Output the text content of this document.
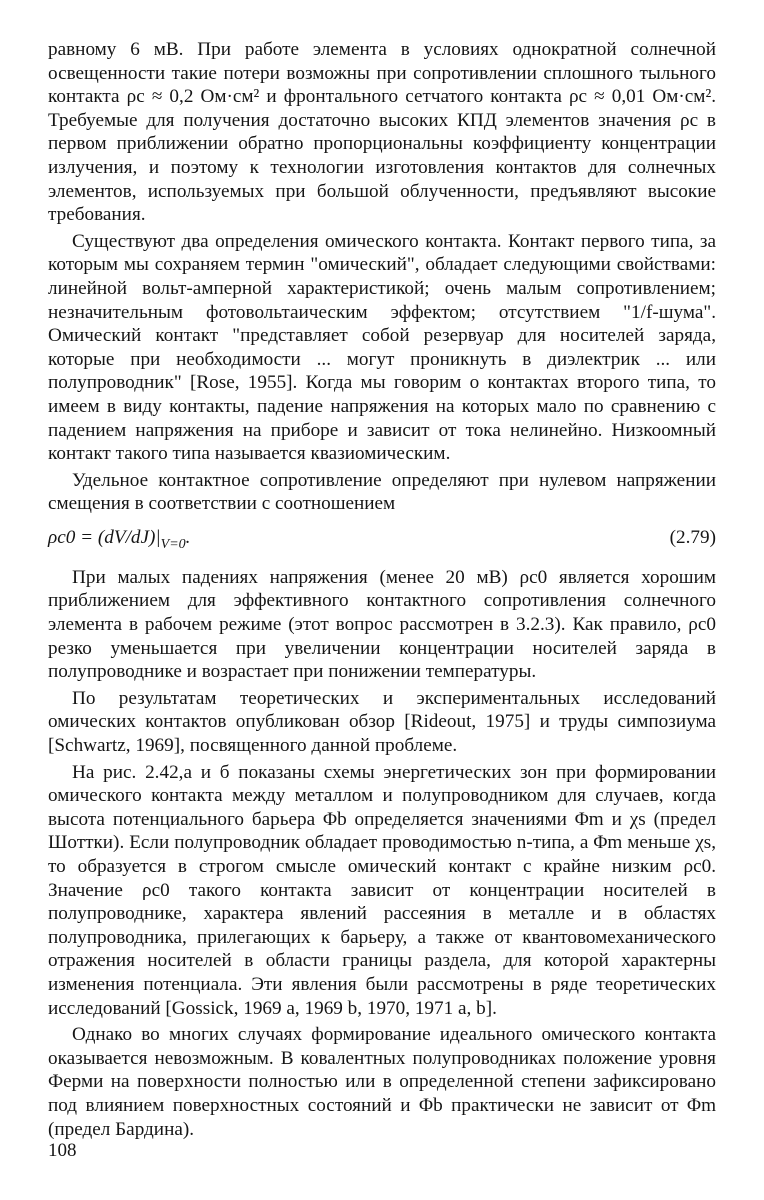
равному 6 мВ. При работе элемента в условиях однократной солнечной освещенности такие потери возможны при сопротивлении сплошного тыльного контакта ρc ≈ 0,2 Ом·см² и фронтального сетчатого контакта ρc ≈ 0,01 Ом·см². Требуемые для получения достаточно высоких КПД элементов значения ρc в первом приближении обратно пропорциональны коэффициенту концентрации излучения, и поэтому к технологии изготовления контактов для солнечных элементов, используемых при большой облученности, предъявляют высокие требования.

Существуют два определения омического контакта. Контакт первого типа, за которым мы сохраняем термин "омический", обладает следующими свойствами: линейной вольт-амперной характеристикой; очень малым сопротивлением; незначительным фотовольтаическим эффектом; отсутствием "1/f-шума". Омический контакт "представляет собой резервуар для носителей заряда, которые при необходимости ... могут проникнуть в диэлектрик ... или полупроводник" [Rose, 1955]. Когда мы говорим о контактах второго типа, то имеем в виду контакты, падение напряжения на которых мало по сравнению с падением напряжения на приборе и зависит от тока нелинейно. Низкоомный контакт такого типа называется квазиомическим.

Удельное контактное сопротивление определяют при нулевом напряжении смещения в соответствии с соотношением

$\rho c0 = (dV/dJ)|_{V=0}$.	(2.79)

При малых падениях напряжения (менее 20 мВ) ρc0 является хорошим приближением для эффективного контактного сопротивления солнечного элемента в рабочем режиме (этот вопрос рассмотрен в 3.2.3). Как правило, ρc0 резко уменьшается при увеличении концентрации носителей заряда в полупроводнике и возрастает при понижении температуры.

По результатам теоретических и экспериментальных исследований омических контактов опубликован обзор [Rideout, 1975] и труды симпозиума [Schwartz, 1969], посвященного данной проблеме.

На рис. 2.42,а и б показаны схемы энергетических зон при формировании омического контакта между металлом и полупроводником для случаев, когда высота потенциального барьера Φb определяется значениями Φm и χs (предел Шоттки). Если полупроводник обладает проводимостью n-типа, а Φm меньше χs, то образуется в строгом смысле омический контакт с крайне низким ρc0. Значение ρc0 такого контакта зависит от концентрации носителей в полупроводнике, характера явлений рассеяния в металле и в областях полупроводника, прилегающих к барьеру, а также от квантовомеханического отражения носителей в области границы раздела, для которой характерны изменения потенциала. Эти явления были рассмотрены в ряде теоретических исследований [Gossick, 1969 a, 1969 b, 1970, 1971 a, b].

Однако во многих случаях формирование идеального омического контакта оказывается невозможным. В ковалентных полупроводниках положение уровня Ферми на поверхности полностью или в определенной степени зафиксировано под влиянием поверхностных состояний и Φb практически не зависит от Φm (предел Бардина).

108
